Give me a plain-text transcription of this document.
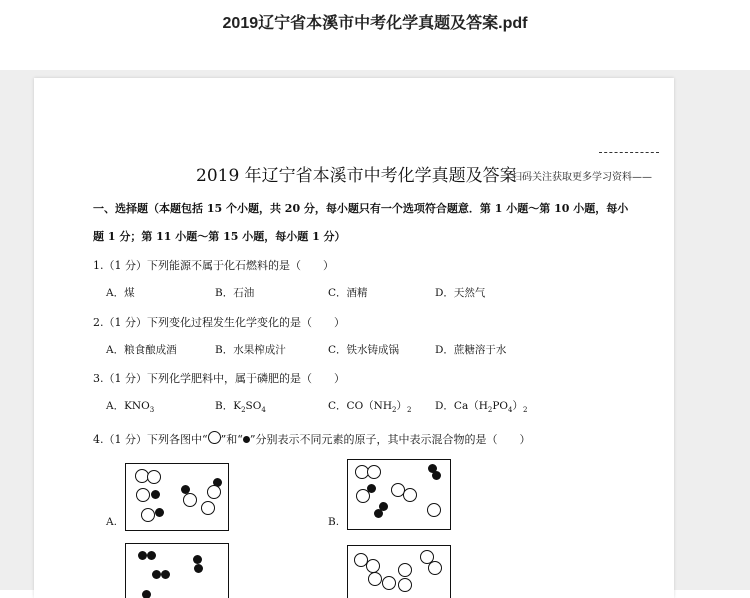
2019辽宁省本溪市中考化学真题及答案.pdf
2019 年辽宁省本溪市中考化学真题及答案
扫码关注获取更多学习资料——
一、选择题（本题包括 15 个小题，共 20 分，每小题只有一个选项符合题意．第 1 小题～第 10 小题，每小
题 1 分；第 11 小题～第 15 小题，每小题 1 分）
1.（1 分）下列能源不属于化石燃料的是（　　）
A．煤	B．石油	C．酒精	D．天然气
2.（1 分）下列变化过程发生化学变化的是（　　）
A．粮食酿成酒	B．水果榨成汁	C．铁水铸成锅	D．蔗糖溶于水
3.（1 分）下列化学肥料中，属于磷肥的是（　　）
A．$KNO_3$	B．$K_2SO_4$	C．$CO(NH_2)_2$ D．$Ca(H_2PO_4)_2$
4.（1 分）下列各图中“ ”和“ ”分别表示不同元素的原子，其中表示混合物的是（　　）
A.	B.
